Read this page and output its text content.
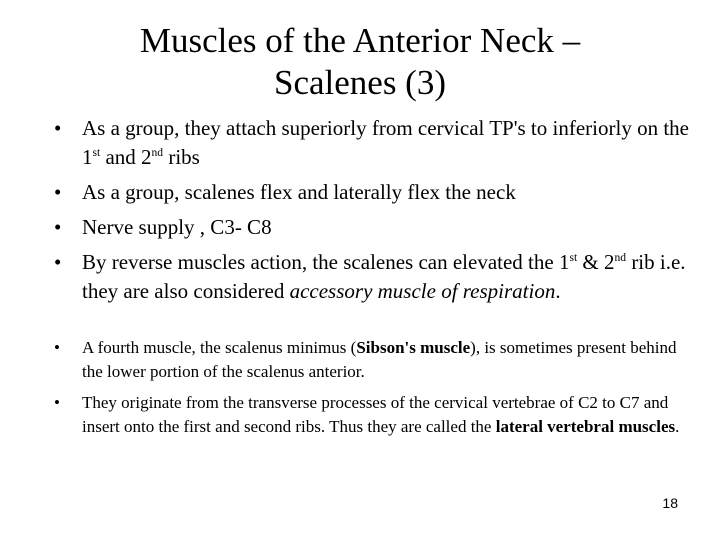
Muscles of the Anterior Neck –
Scalenes (3)
• As a group, they attach superiorly from cervical TP's to inferiorly on the 1st and 2nd ribs
• As a group, scalenes flex and laterally flex the neck
• Nerve supply , C3- C8
• By reverse muscles action, the scalenes can elevated the 1st & 2nd rib i.e. they are also considered accessory muscle of respiration.
• A fourth muscle, the scalenus minimus (Sibson's muscle), is sometimes present behind the lower portion of the scalenus anterior.
• They originate from the transverse processes of the cervical vertebrae of C2 to C7 and insert onto the first and second ribs. Thus they are called the lateral vertebral muscles.
18
